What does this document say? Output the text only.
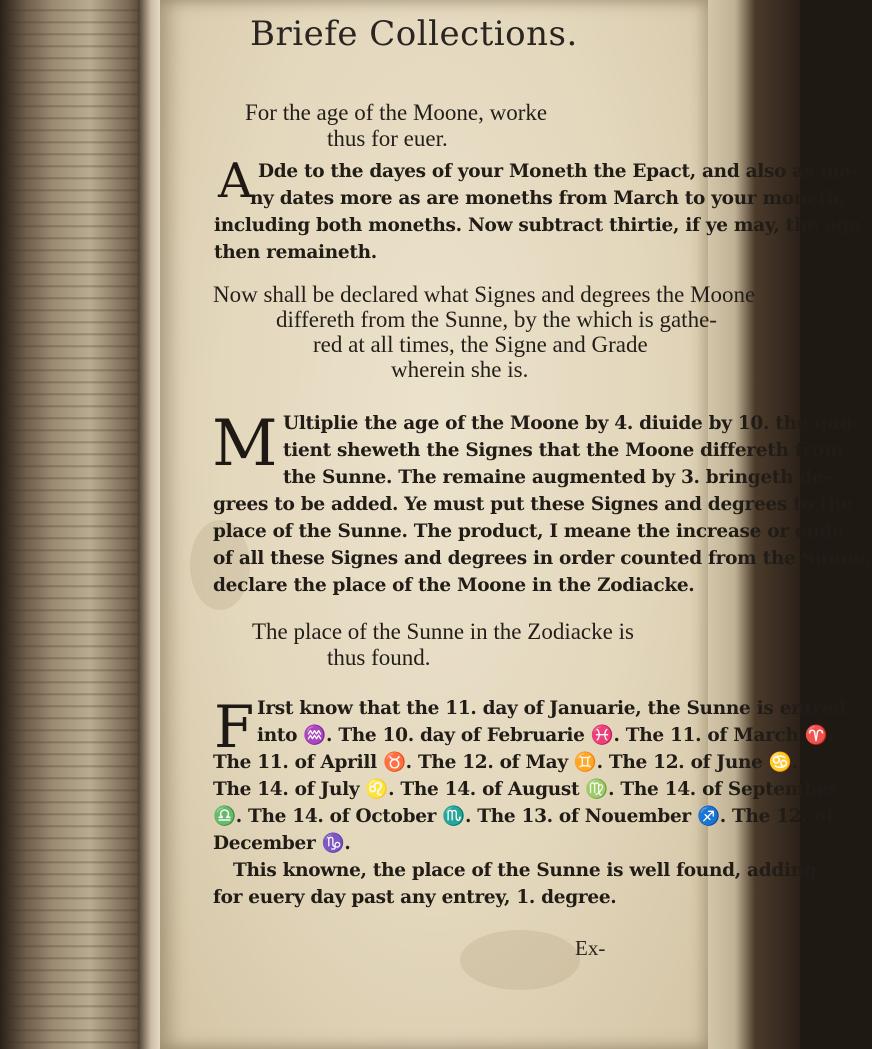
Briefe Collections.
For the age of the Moone, worke
thus for euer.
A Dde to the dayes of your Moneth the Epact, and also as ma-
ny dates more as are moneths from March to your moneth,
including both moneths. Now subtract thirtie, if ye may, the age
then remaineth.
Now shall be declared what Signes and degrees the Moone
differeth from the Sunne, by the which is gathe-
red at all times, the Signe and Grade
wherein she is.
M Ultiplie the age of the Moone by 4. diuide by 10. the quo-
tient sheweth the Signes that the Moone differeth from
the Sunne. The remaine augmented by 3. bringeth de-
grees to be added. Ye must put these Signes and degrees to the
place of the Sunne. The product, I meane the increase or ende
of all these Signes and degrees in order counted from the Sunne,
declare the place of the Moone in the Zodiacke.
The place of the Sunne in the Zodiacke is
thus found.
F Irst know that the 11. day of Januarie, the Sunne is entred
into ♒. The 10. day of Februarie ♓. The 11. of March ♈.
The 11. of Aprill ♉. The 12. of May ♊. The 12. of June ♋.
The 14. of July ♌. The 14. of August ♍. The 14. of September
♎. The 14. of October ♏. The 13. of Nouember ♐. The 12. of
December ♑.
This knowne, the place of the Sunne is well found, adding
for euery day past any entrey, 1. degree.
Ex-
